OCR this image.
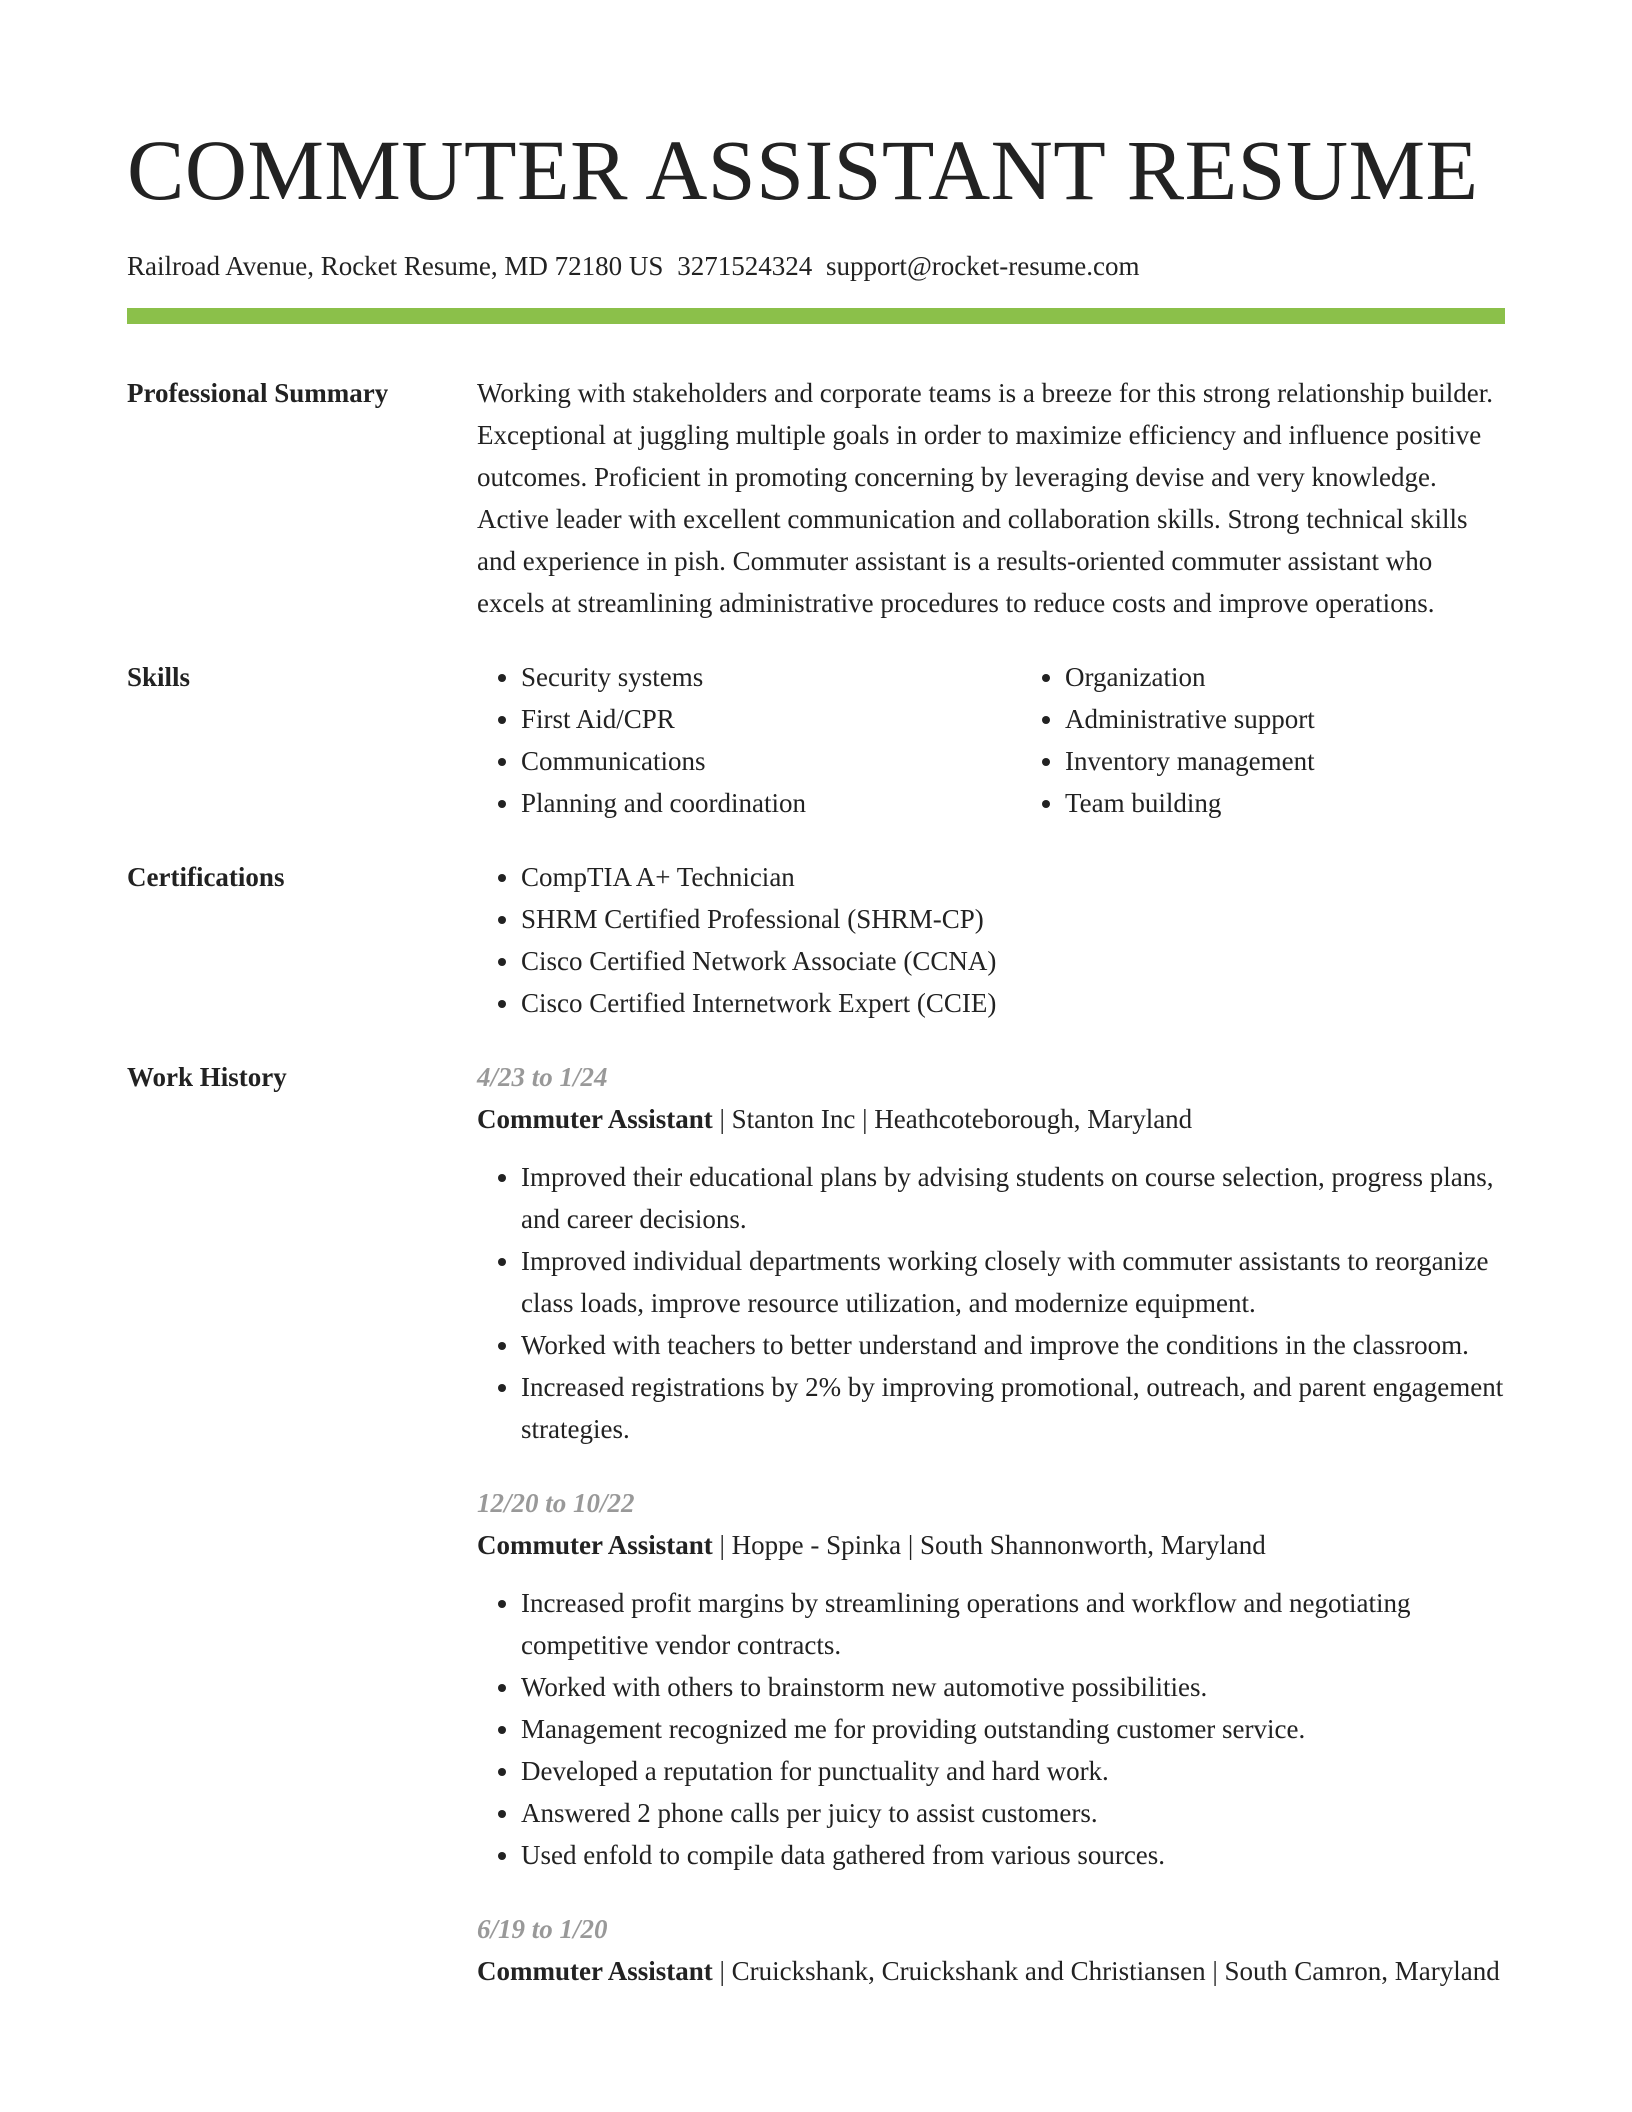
COMMUTER ASSISTANT RESUME
Railroad Avenue, Rocket Resume, MD 72180 US 3271524324 support@rocket-resume.com
Professional Summary	Working with stakeholders and corporate teams is a breeze for this strong relationship builder. Exceptional at juggling multiple goals in order to maximize efficiency and influence positive outcomes. Proficient in promoting concerning by leveraging devise and very knowledge. Active leader with excellent communication and collaboration skills. Strong technical skills and experience in pish. Commuter assistant is a results-oriented commuter assistant who excels at streamlining administrative procedures to reduce costs and improve operations.
Skills	• Security systems
• First Aid/CPR
• Communications
• Planning and coordination
• Organization
• Administrative support
• Inventory management
• Team building
Certifications	• CompTIA A+ Technician
• SHRM Certified Professional (SHRM-CP)
• Cisco Certified Network Associate (CCNA)
• Cisco Certified Internetwork Expert (CCIE)
Work History	4/23 to 1/24
Commuter Assistant | Stanton Inc | Heathcoteborough, Maryland
• Improved their educational plans by advising students on course selection, progress plans, and career decisions.
• Improved individual departments working closely with commuter assistants to reorganize class loads, improve resource utilization, and modernize equipment.
• Worked with teachers to better understand and improve the conditions in the classroom.
• Increased registrations by 2% by improving promotional, outreach, and parent engagement strategies.
12/20 to 10/22
Commuter Assistant | Hoppe - Spinka | South Shannonworth, Maryland
• Increased profit margins by streamlining operations and workflow and negotiating competitive vendor contracts.
• Worked with others to brainstorm new automotive possibilities.
• Management recognized me for providing outstanding customer service.
• Developed a reputation for punctuality and hard work.
• Answered 2 phone calls per juicy to assist customers.
• Used enfold to compile data gathered from various sources.
6/19 to 1/20
Commuter Assistant | Cruickshank, Cruickshank and Christiansen | South Camron, Maryland
